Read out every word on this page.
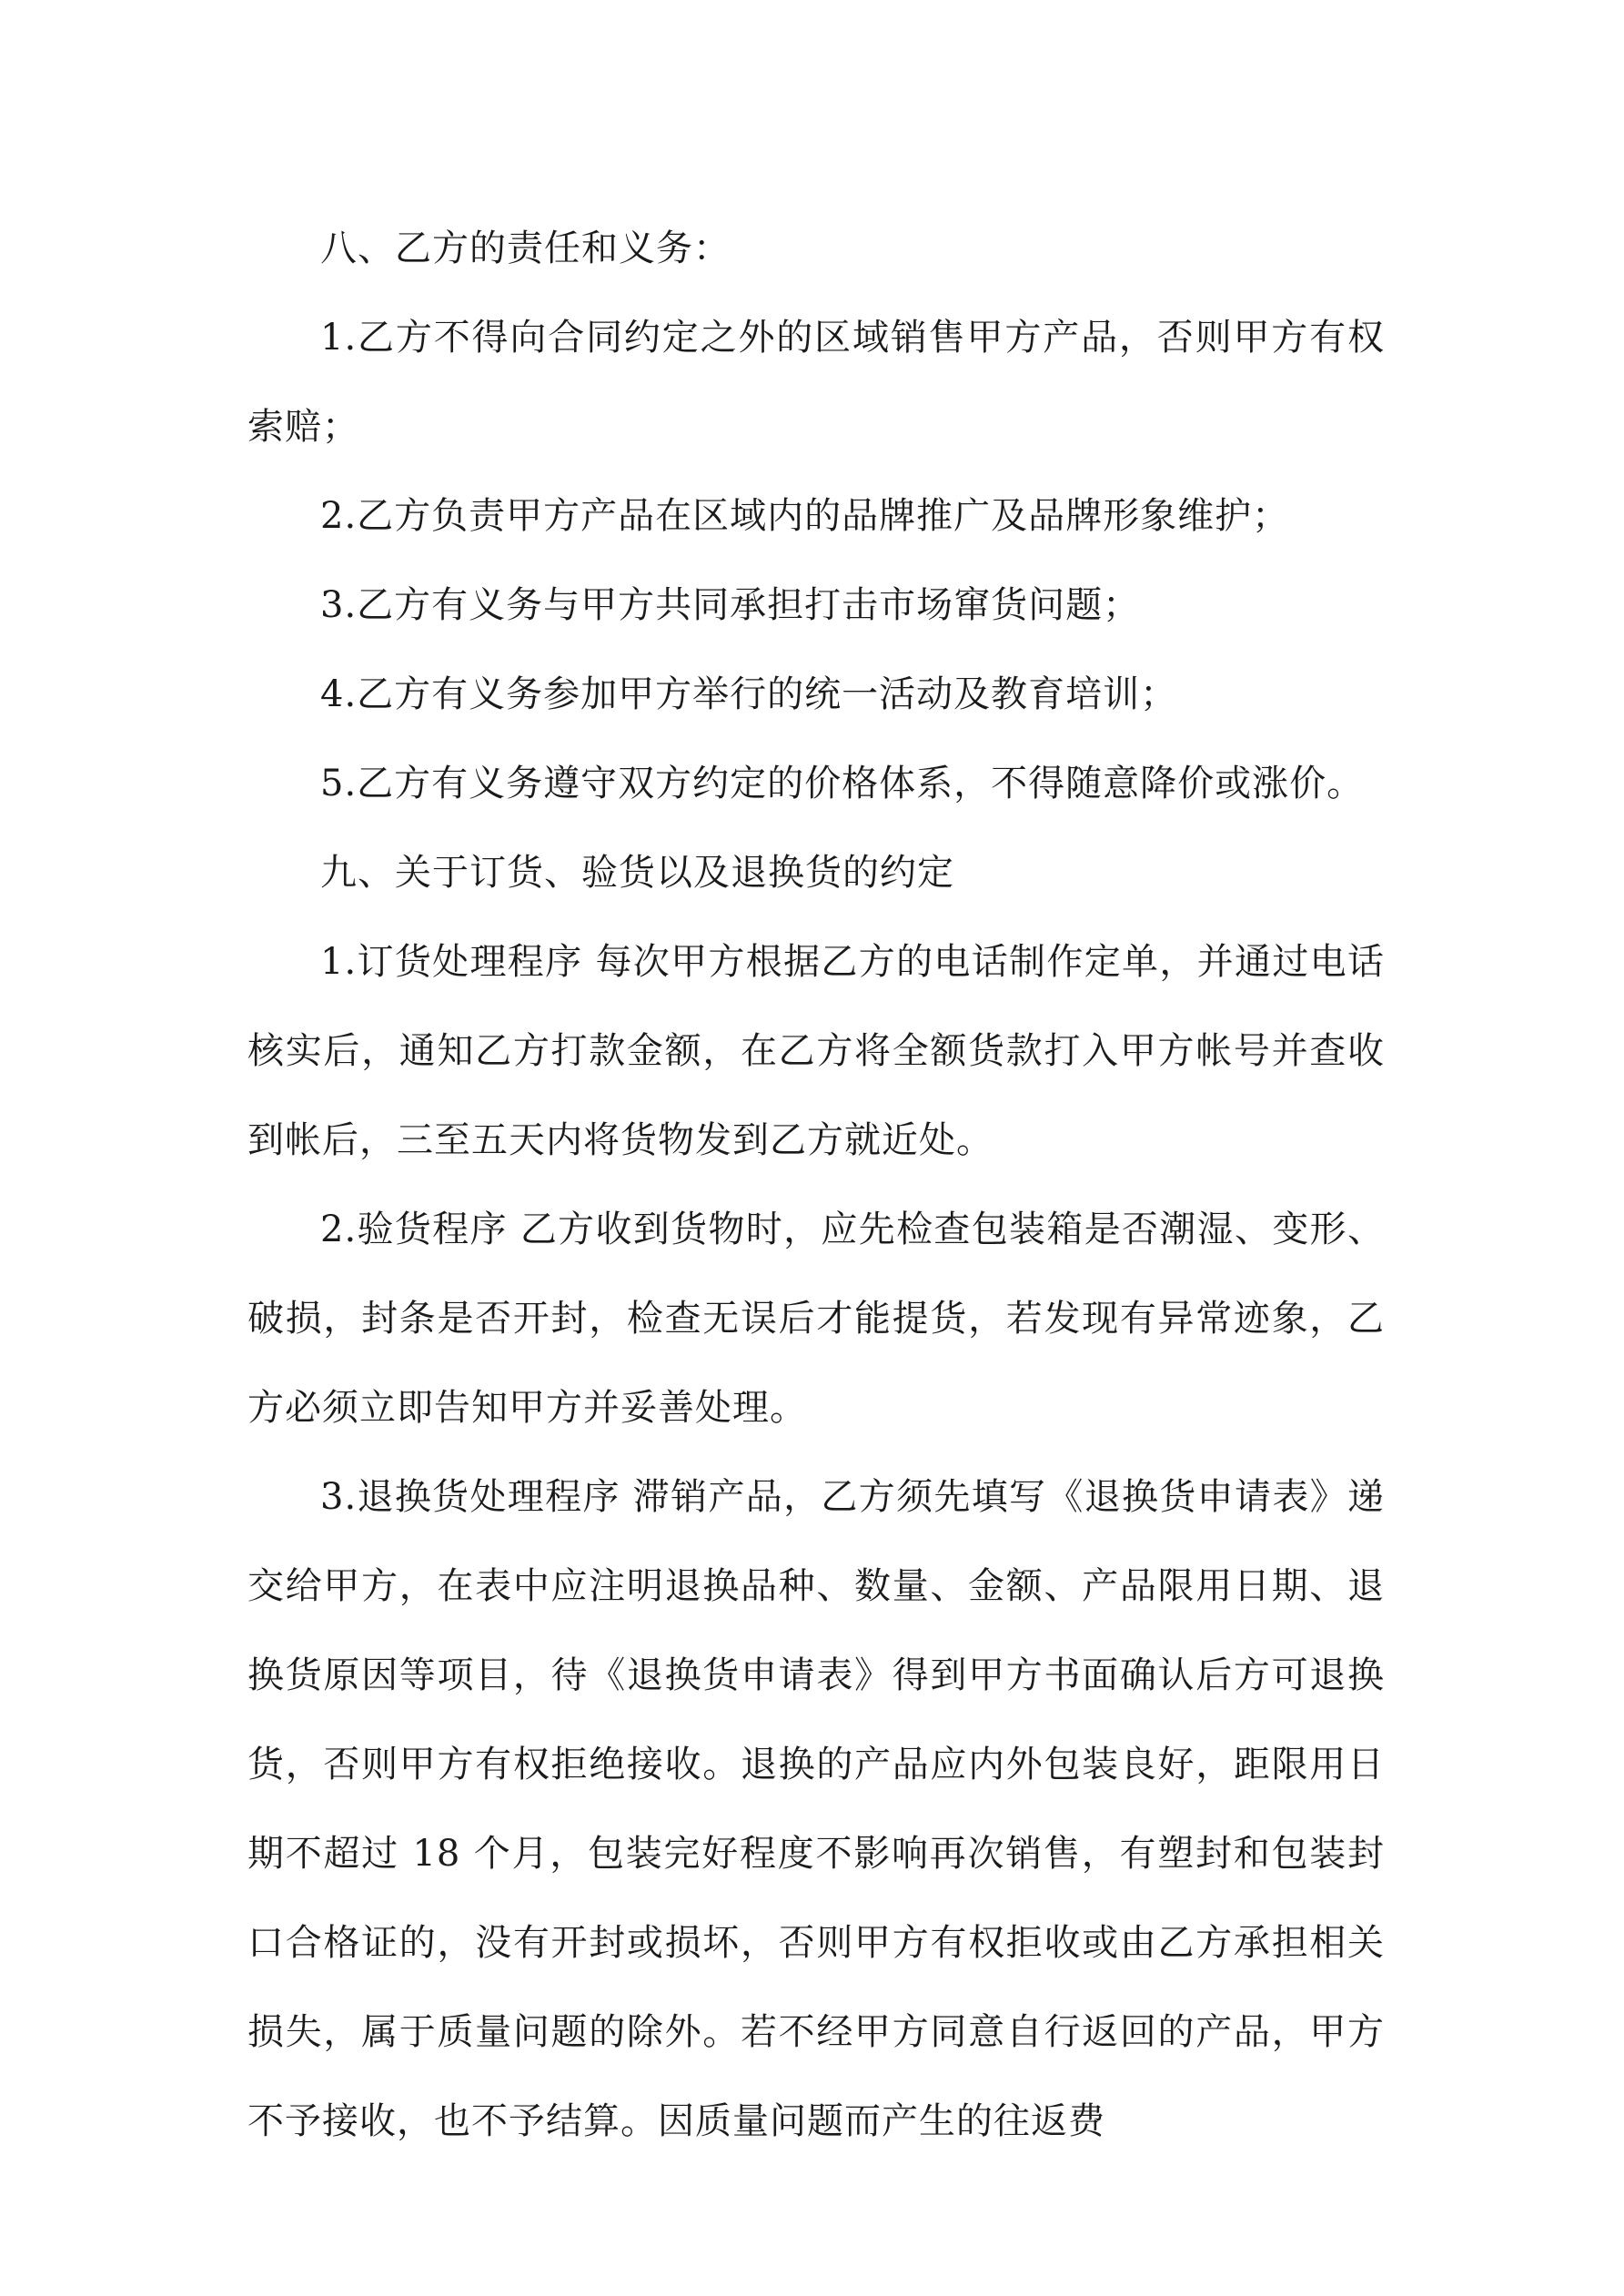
八、乙方的责任和义务：

1.乙方不得向合同约定之外的区域销售甲方产品，否则甲方有权索赔；

2.乙方负责甲方产品在区域内的品牌推广及品牌形象维护；

3.乙方有义务与甲方共同承担打击市场窜货问题；

4.乙方有义务参加甲方举行的统一活动及教育培训；

5.乙方有义务遵守双方约定的价格体系，不得随意降价或涨价。

九、关于订货、验货以及退换货的约定

1.订货处理程序 每次甲方根据乙方的电话制作定单，并通过电话核实后，通知乙方打款金额，在乙方将全额货款打入甲方帐号并查收到帐后，三至五天内将货物发到乙方就近处。

2.验货程序 乙方收到货物时，应先检查包装箱是否潮湿、变形、破损，封条是否开封，检查无误后才能提货，若发现有异常迹象，乙方必须立即告知甲方并妥善处理。

3.退换货处理程序 滞销产品，乙方须先填写《退换货申请表》递交给甲方，在表中应注明退换品种、数量、金额、产品限用日期、退换货原因等项目，待《退换货申请表》得到甲方书面确认后方可退换货，否则甲方有权拒绝接收。退换的产品应内外包装良好，距限用日期不超过 18 个月，包装完好程度不影响再次销售，有塑封和包装封口合格证的，没有开封或损坏，否则甲方有权拒收或由乙方承担相关损失，属于质量问题的除外。若不经甲方同意自行返回的产品，甲方不予接收，也不予结算。因质量问题而产生的往返费
